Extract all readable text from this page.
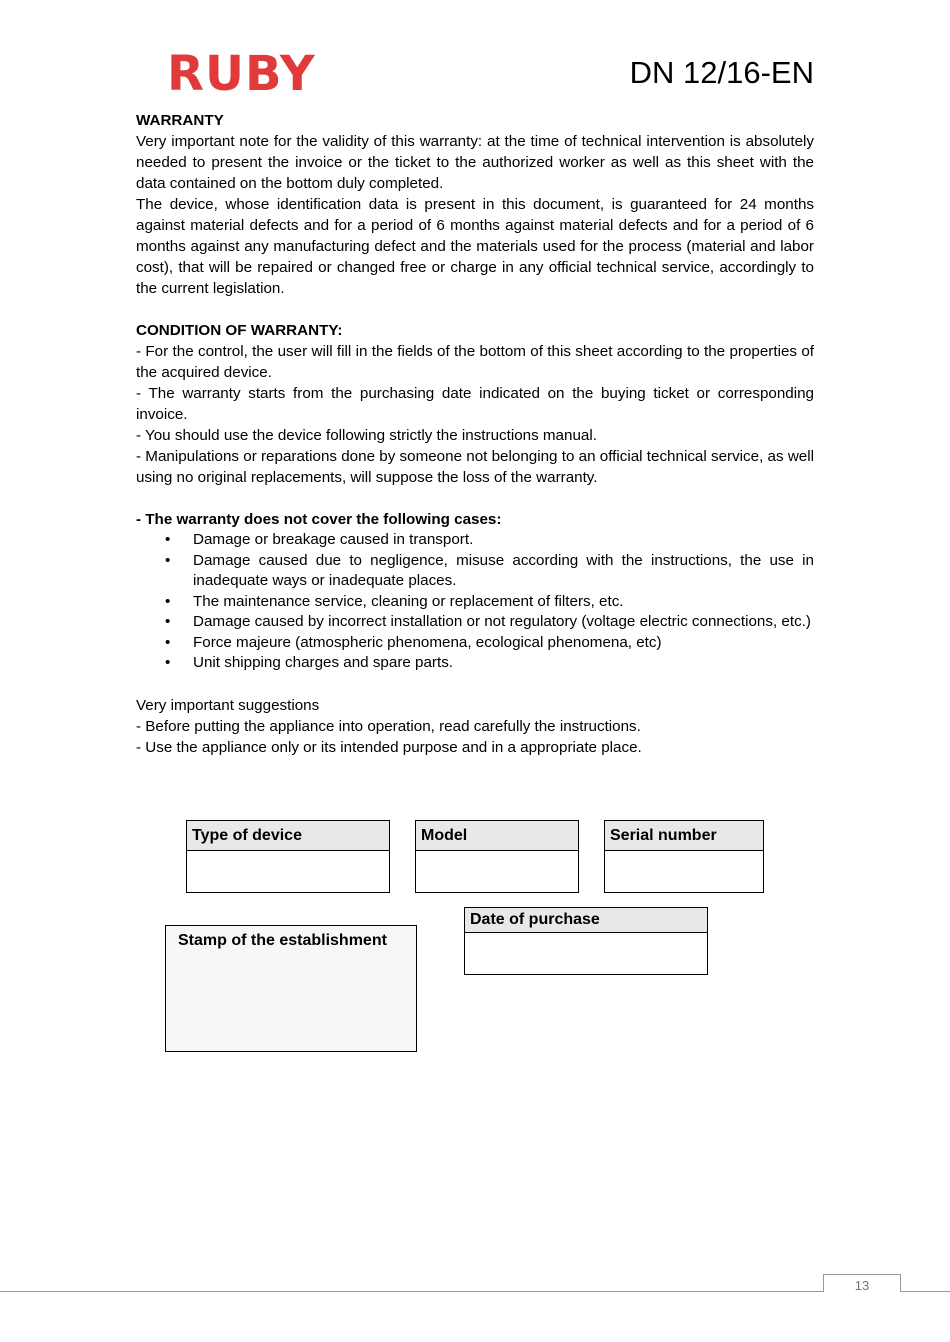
RUBY	DN 12/16-EN

WARRANTY

Very important note for the validity of this warranty: at the time of technical intervention is absolutely needed to present the invoice or the ticket to the authorized worker as well as this sheet with the data contained on the bottom duly completed.

The device, whose identification data is present in this document, is guaranteed for 24 months against material defects and for a period of 6 months against material defects and for a period of 6 months against any manufacturing defect and the materials used for the process (material and labor cost), that will be repaired or changed free or charge in any official technical service, accordingly to the current legislation.

CONDITION OF WARRANTY:

- For the control, the user will fill in the fields of the bottom of this sheet according to the properties of the acquired device.

- The warranty starts from the purchasing date indicated on the buying ticket or corresponding invoice.

- You should use the device following strictly the instructions manual.

- Manipulations or reparations done by someone not belonging to an official technical service, as well using no original replacements, will suppose the loss of the warranty.

- The warranty does not cover the following cases:

• Damage or breakage caused in transport.
• Damage caused due to negligence, misuse according with the instructions, the use in inadequate ways or inadequate places.
• The maintenance service, cleaning or replacement of filters, etc.
• Damage caused by incorrect installation or not regulatory (voltage electric connections, etc.)
• Force majeure (atmospheric phenomena, ecological phenomena, etc)
• Unit shipping charges and spare parts.

Very important suggestions

- Before putting the appliance into operation, read carefully the instructions.

- Use the appliance only or its intended purpose and in a appropriate place.

Type of device	Model	Serial number
Date of purchase
Stamp of the establishment
13
